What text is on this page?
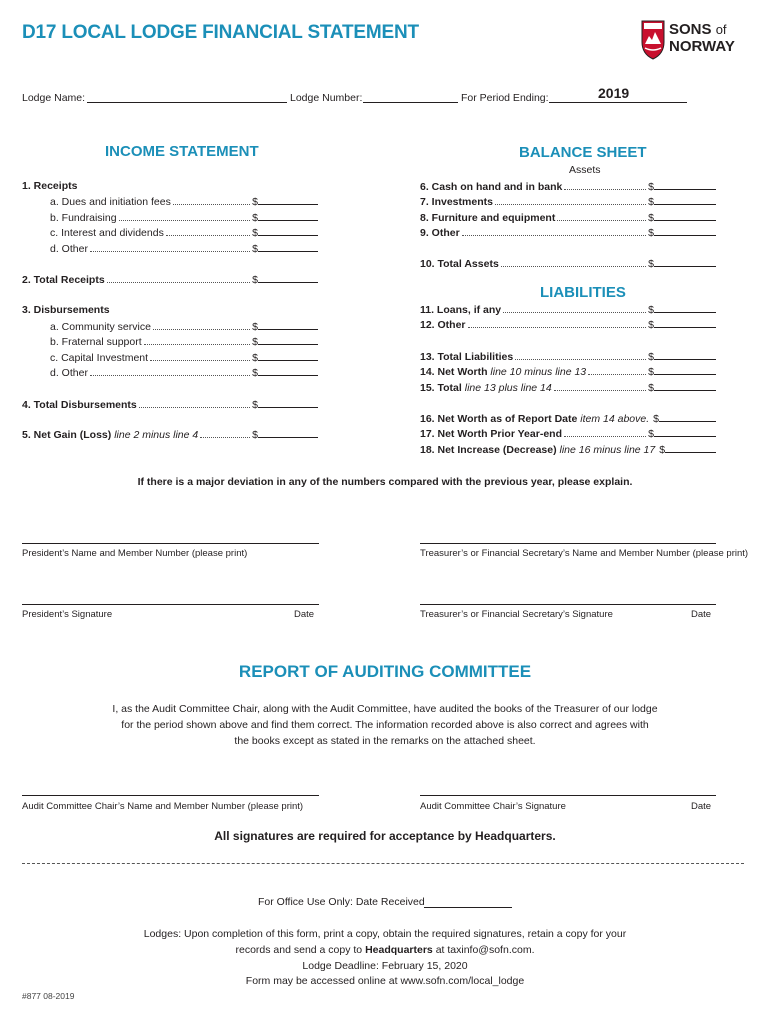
D17 LOCAL LODGE FINANCIAL STATEMENT	SONS of
NORWAY
Lodge Name:	Lodge Number:	For Period Ending:	2019
INCOME STATEMENT
1. Receipts
a. Dues and initiation fees	$
b. Fundraising	$
c. Interest and dividends	$
d. Other	$
2. Total Receipts	$
3. Disbursements
a. Community service	$
b. Fraternal support	$
c. Capital Investment	$
d. Other	$
4. Total Disbursements	$
5. Net Gain (Loss) line 2 minus line 4	$
BALANCE SHEET
Assets
6. Cash on hand and in bank	$
7. Investments	$
8. Furniture and equipment	$
9. Other	$
10. Total Assets	$
LIABILITIES
11. Loans, if any	$
12. Other	$
13. Total Liabilities	$
14. Net Worth line 10 minus line 13	$
15. Total line 13 plus line 14	$
16. Net Worth as of Report Date item 14 above. $
17. Net Worth Prior Year-end	$
18. Net Increase (Decrease) line 16 minus line 17 $
If there is a major deviation in any of the numbers compared with the previous year, please explain.
President’s Name and Member Number (please print)	Treasurer’s or Financial Secretary’s Name and Member Number (please print)
President’s Signature	Date	Treasurer’s or Financial Secretary’s Signature	Date
REPORT OF AUDITING COMMITTEE
I, as the Audit Committee Chair, along with the Audit Committee, have audited the books of the Treasurer of our lodge
for the period shown above and find them correct. The information recorded above is also correct and agrees with
the books except as stated in the remarks on the attached sheet.
Audit Committee Chair’s Name and Member Number (please print)	Audit Committee Chair’s Signature	Date
All signatures are required for acceptance by Headquarters.
For Office Use Only: Date Received
Lodges: Upon completion of this form, print a copy, obtain the required signatures, retain a copy for your
records and send a copy to Headquarters at taxinfo@sofn.com.
Lodge Deadline: February 15, 2020
Form may be accessed online at www.sofn.com/local_lodge
#877 08-2019
